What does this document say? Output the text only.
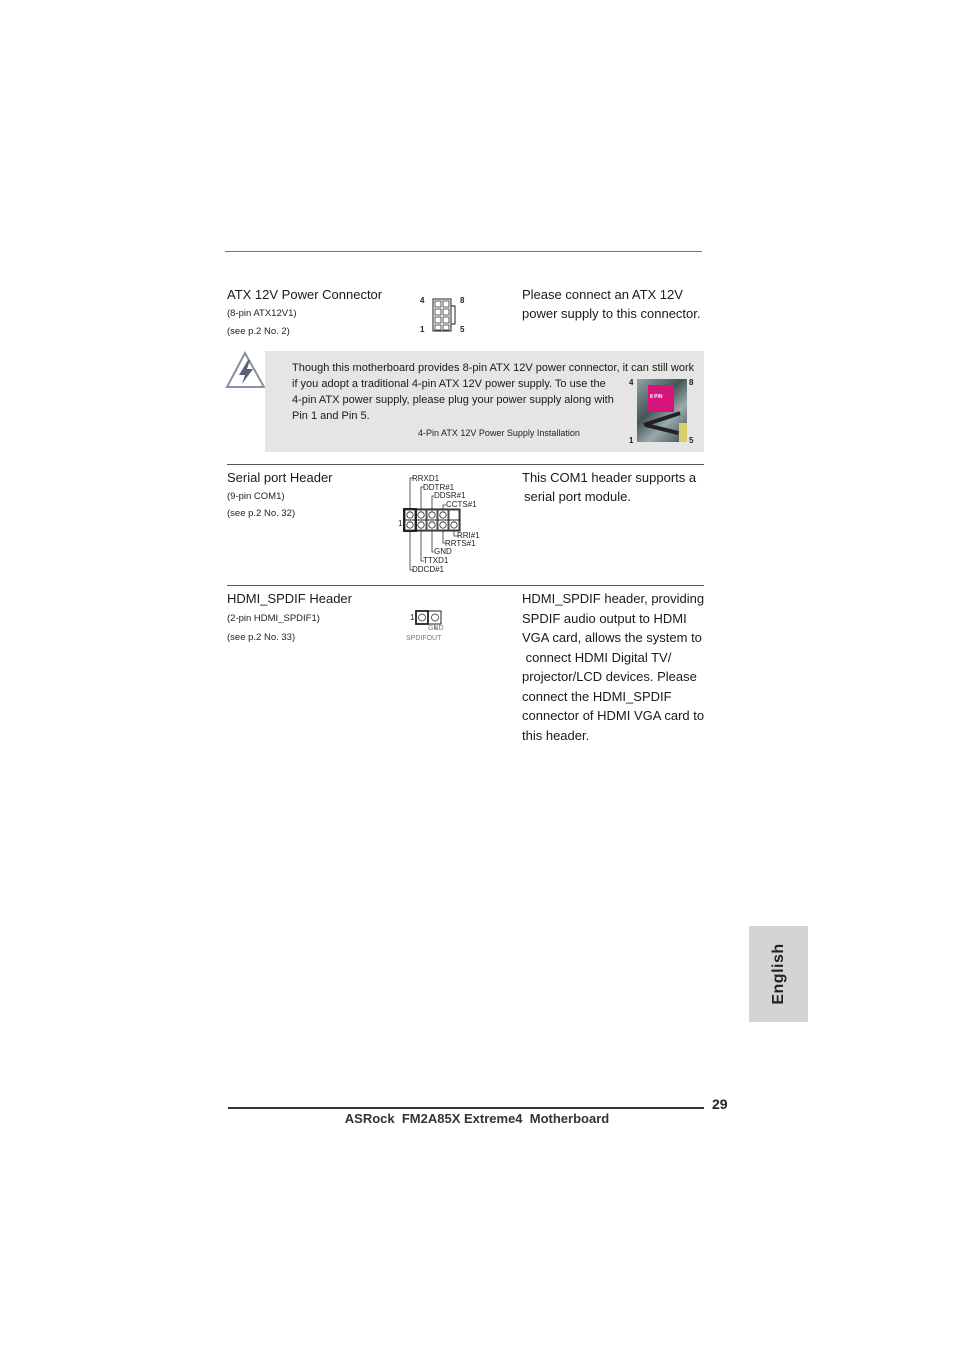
ATX 12V Power Connector
(8-pin ATX12V1)
(see p.2 No. 2)
4	8
1	5
Please connect an ATX 12V
power supply to this connector.
Though this motherboard provides 8-pin ATX 12V power connector, it can still work
if you adopt a traditional 4-pin ATX 12V power supply. To use the
4-pin ATX power supply, please plug your power supply along with
Pin 1 and Pin 5.
4-Pin ATX 12V Power Supply Installation
4	8
1	5
8 PIN
Serial port Header
(9-pin COM1)
(see p.2 No. 32)
RRXD1
DDTR#1
DDSR#1
CCTS#1
1
RRI#1
RRTS#1
GND
TTXD1
DDCD#1
This COM1 header supports a
serial port module.
HDMI_SPDIF Header
(2-pin HDMI_SPDIF1)
(see p.2 No. 33)
1
GND
SPDIFOUT
HDMI_SPDIF header, providing
SPDIF audio output to HDMI
VGA card, allows the system to
connect HDMI Digital TV/
projector/LCD devices. Please
connect the HDMI_SPDIF
connector of HDMI VGA card to
this header.
English
29
ASRock  FM2A85X Extreme4  Motherboard
